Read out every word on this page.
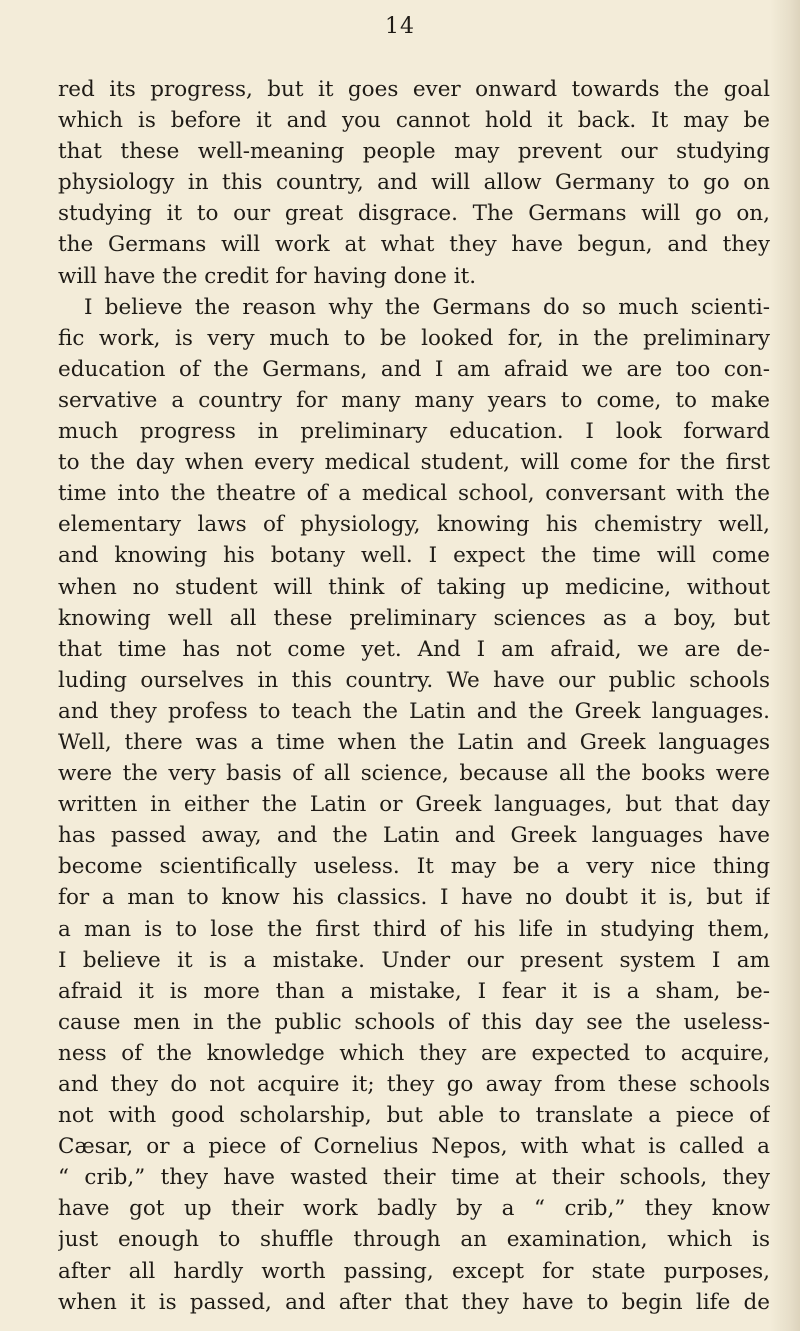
14
red its progress, but it goes ever onward towards the goal
which is before it and you cannot hold it back. It may be
that these well-meaning people may prevent our studying
physiology in this country, and will allow Germany to go on
studying it to our great disgrace. The Germans will go on,
the Germans will work at what they have begun, and they
will have the credit for having done it.
I believe the reason why the Germans do so much scienti-
fic work, is very much to be looked for, in the preliminary
education of the Germans, and I am afraid we are too con-
servative a country for many many years to come, to make
much progress in preliminary education. I look forward
to the day when every medical student, will come for the first
time into the theatre of a medical school, conversant with the
elementary laws of physiology, knowing his chemistry well,
and knowing his botany well. I expect the time will come
when no student will think of taking up medicine, without
knowing well all these preliminary sciences as a boy, but
that time has not come yet. And I am afraid, we are de-
luding ourselves in this country. We have our public schools
and they profess to teach the Latin and the Greek languages.
Well, there was a time when the Latin and Greek languages
were the very basis of all science, because all the books were
written in either the Latin or Greek languages, but that day
has passed away, and the Latin and Greek languages have
become scientifically useless. It may be a very nice thing
for a man to know his classics. I have no doubt it is, but if
a man is to lose the first third of his life in studying them,
I believe it is a mistake. Under our present system I am
afraid it is more than a mistake, I fear it is a sham, be-
cause men in the public schools of this day see the useless-
ness of the knowledge which they are expected to acquire,
and they do not acquire it; they go away from these schools
not with good scholarship, but able to translate a piece of
Cæsar, or a piece of Cornelius Nepos, with what is called a
“ crib,” they have wasted their time at their schools, they
have got up their work badly by a “ crib,” they know
just enough to shuffle through an examination, which is
after all hardly worth passing, except for state purposes,
when it is passed, and after that they have to begin life de
